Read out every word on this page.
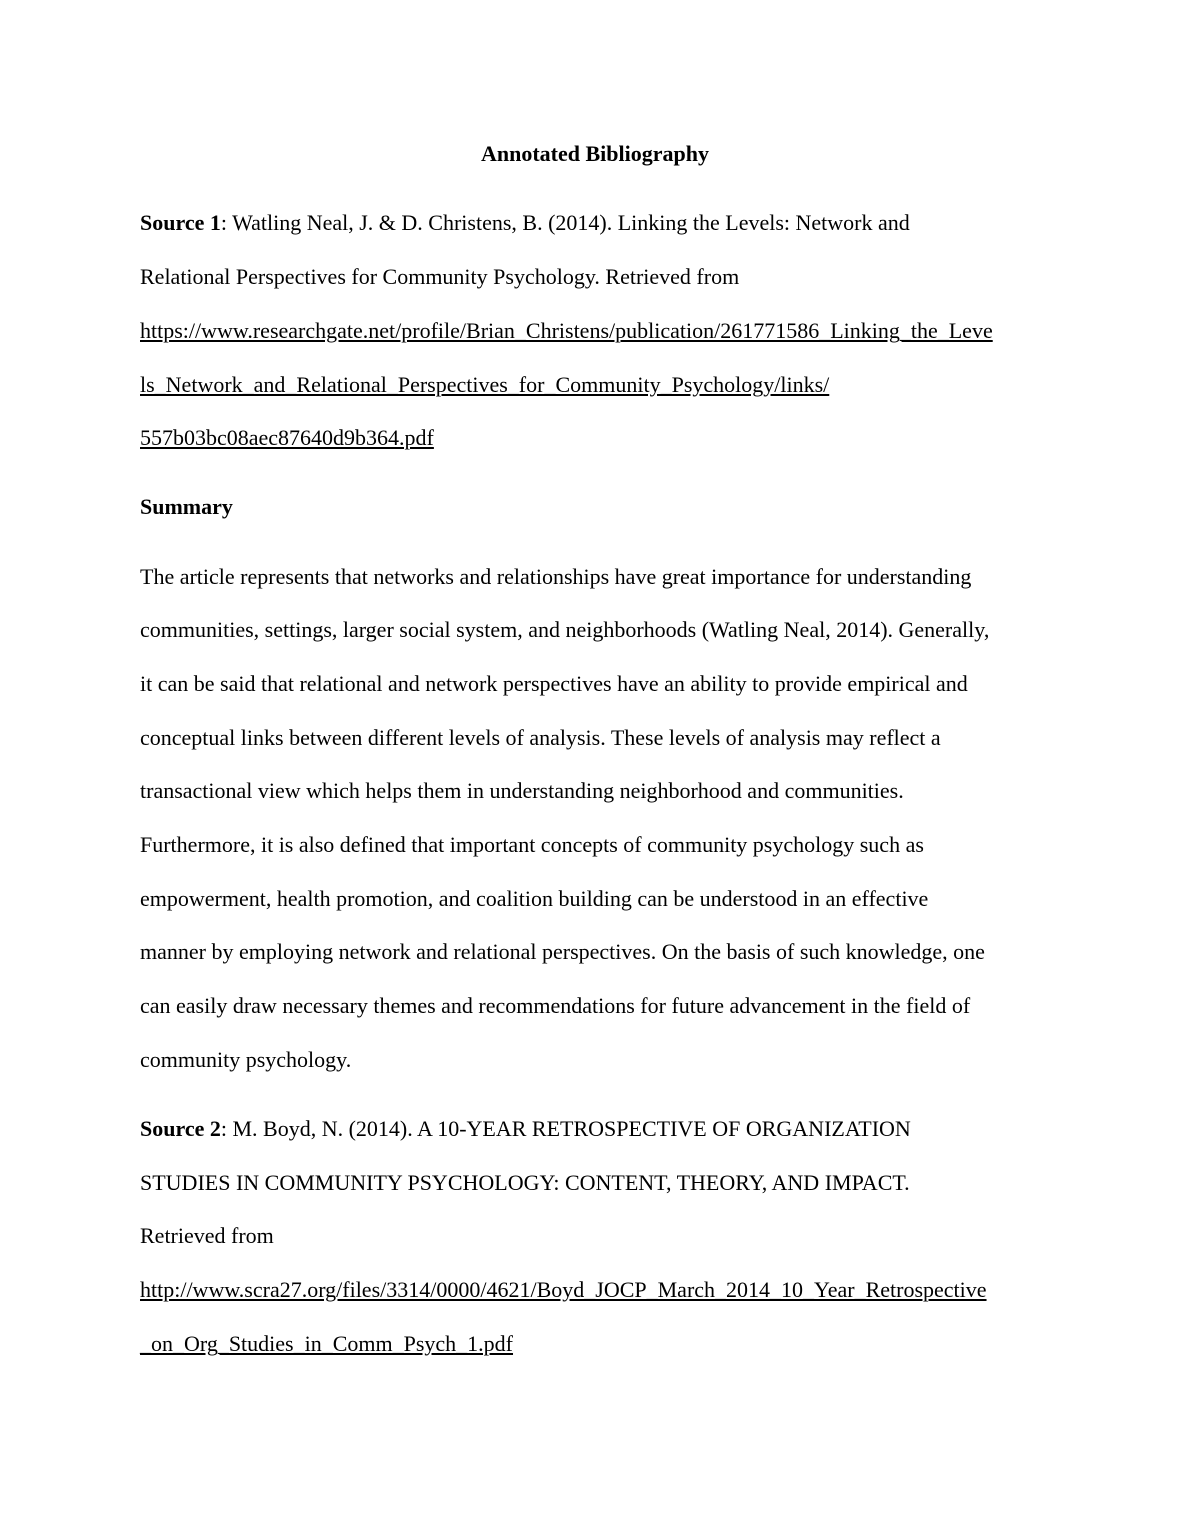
Annotated Bibliography
Source 1: Watling Neal, J. & D. Christens, B. (2014). Linking the Levels: Network and
Relational Perspectives for Community Psychology. Retrieved from
https://www.researchgate.net/profile/Brian_Christens/publication/261771586_Linking_the_Leve
ls_Network_and_Relational_Perspectives_for_Community_Psychology/links/
557b03bc08aec87640d9b364.pdf
Summary
The article represents that networks and relationships have great importance for understanding
communities, settings, larger social system, and neighborhoods (Watling Neal, 2014). Generally,
it can be said that relational and network perspectives have an ability to provide empirical and
conceptual links between different levels of analysis. These levels of analysis may reflect a
transactional view which helps them in understanding neighborhood and communities.
Furthermore, it is also defined that important concepts of community psychology such as
empowerment, health promotion, and coalition building can be understood in an effective
manner by employing network and relational perspectives. On the basis of such knowledge, one
can easily draw necessary themes and recommendations for future advancement in the field of
community psychology.
Source 2: M. Boyd, N. (2014). A 10-YEAR RETROSPECTIVE OF ORGANIZATION
STUDIES IN COMMUNITY PSYCHOLOGY: CONTENT, THEORY, AND IMPACT.
Retrieved from
http://www.scra27.org/files/3314/0000/4621/Boyd_JOCP_March_2014_10_Year_Retrospective
_on_Org_Studies_in_Comm_Psych_1.pdf
